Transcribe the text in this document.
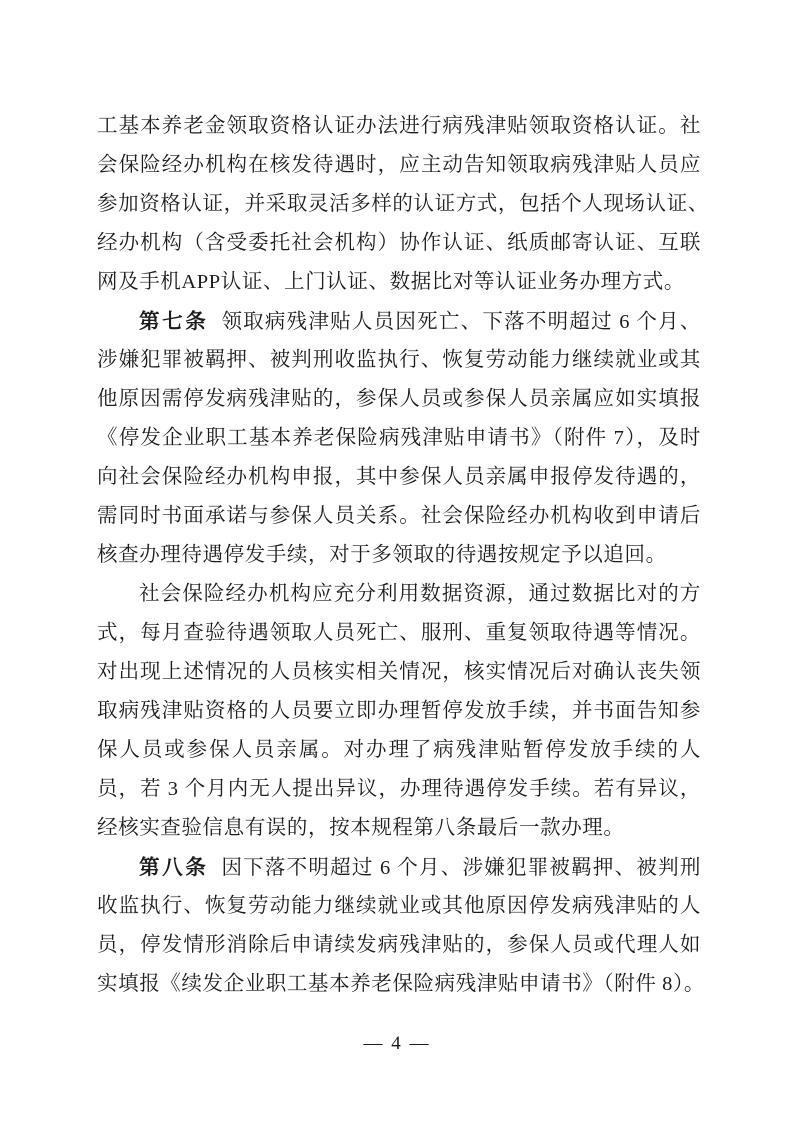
工基本养老金领取资格认证办法进行病残津贴领取资格认证。社
会保险经办机构在核发待遇时，应主动告知领取病残津贴人员应
参加资格认证，并采取灵活多样的认证方式，包括个人现场认证、
经办机构（含受委托社会机构）协作认证、纸质邮寄认证、互联
网及手机APP认证、上门认证、数据比对等认证业务办理方式。
第七条 领取病残津贴人员因死亡、下落不明超过 6 个月、
涉嫌犯罪被羁押、被判刑收监执行、恢复劳动能力继续就业或其
他原因需停发病残津贴的，参保人员或参保人员亲属应如实填报
《停发企业职工基本养老保险病残津贴申请书》（附件 7），及时
向社会保险经办机构申报，其中参保人员亲属申报停发待遇的，
需同时书面承诺与参保人员关系。社会保险经办机构收到申请后
核查办理待遇停发手续，对于多领取的待遇按规定予以追回。
社会保险经办机构应充分利用数据资源，通过数据比对的方
式，每月查验待遇领取人员死亡、服刑、重复领取待遇等情况。
对出现上述情况的人员核实相关情况，核实情况后对确认丧失领
取病残津贴资格的人员要立即办理暂停发放手续，并书面告知参
保人员或参保人员亲属。对办理了病残津贴暂停发放手续的人
员，若 3 个月内无人提出异议，办理待遇停发手续。若有异议，
经核实查验信息有误的，按本规程第八条最后一款办理。
第八条 因下落不明超过 6 个月、涉嫌犯罪被羁押、被判刑
收监执行、恢复劳动能力继续就业或其他原因停发病残津贴的人
员，停发情形消除后申请续发病残津贴的，参保人员或代理人如
实填报《续发企业职工基本养老保险病残津贴申请书》（附件 8）。
— 4 —
